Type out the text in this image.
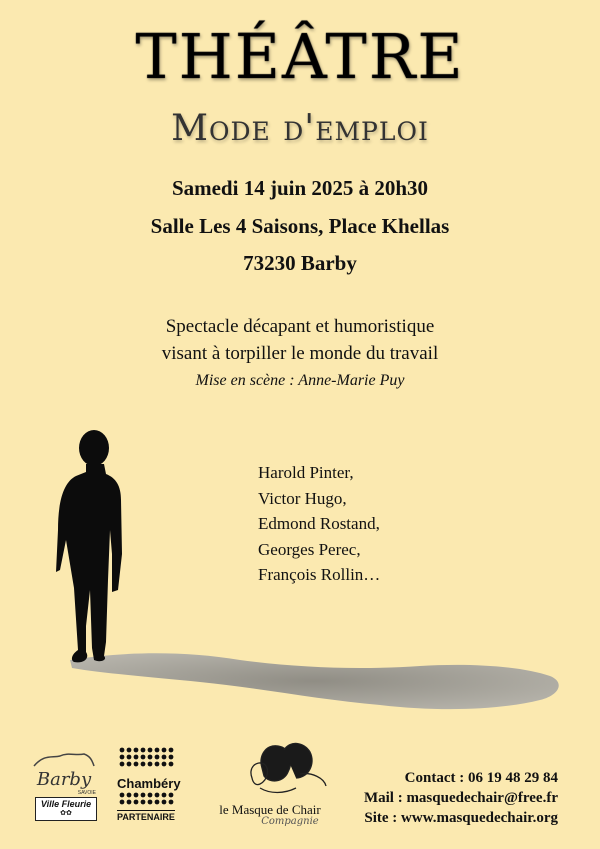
THÉÂTRE
Mode d'emploi
Samedi 14 juin 2025 à 20h30
Salle Les 4 Saisons, Place Khellas
73230 Barby
Spectacle décapant et humoristique
visant à torpiller le monde du travail
Mise en scène : Anne-Marie Puy
Harold Pinter,
Victor Hugo,
Edmond Rostand,
Georges Perec,
François Rollin…
Barby
SAVOIE
Ville Fleurie
✿✿
Chambéry
PARTENAIRE	le Masque de Chair
Compagnie
Contact : 06 19 48 29 84
Mail : masquedechair@free.fr
Site : www.masquedechair.org
